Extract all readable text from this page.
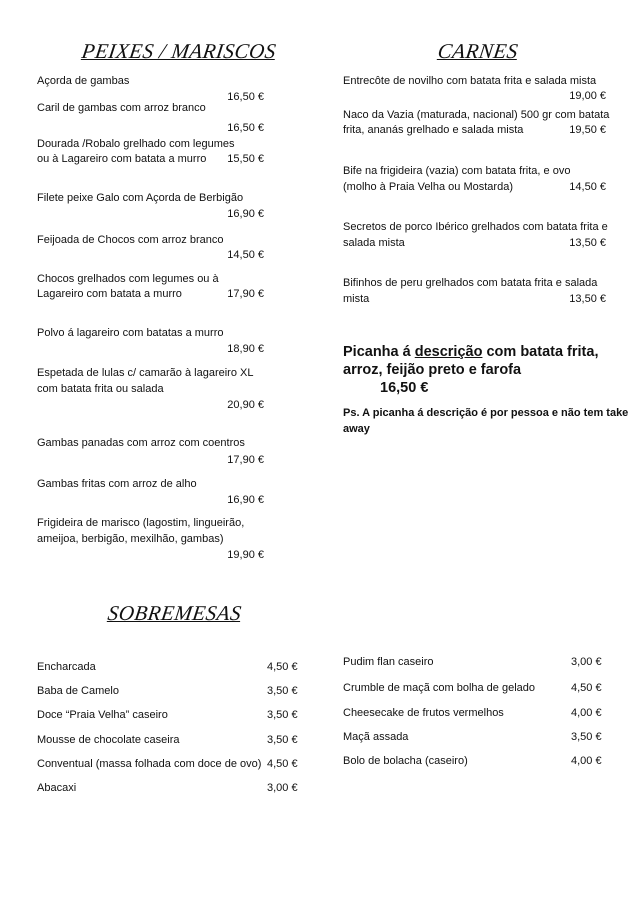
PEIXES / MARISCOS
Açorda de gambas
16,50 €
Caril de gambas com arroz branco
16,50 €
Dourada /Robalo grelhado com legumes
ou à Lagareiro com batata a murro 15,50 €
Filete peixe Galo com Açorda de Berbigão
16,90 €
Feijoada de Chocos com arroz branco
14,50 €
Chocos grelhados com legumes ou à
Lagareiro com batata a murro	17,90 €
Polvo á lagareiro com batatas a murro
18,90 €
Espetada de lulas c/ camarão à lagareiro XL
com batata frita ou salada
20,90 €
Gambas panadas com arroz com coentros
17,90 €
Gambas fritas com arroz de alho
16,90 €
Frigideira de marisco (lagostim, lingueirão,
ameijoa, berbigão, mexilhão, gambas)
19,90 €
CARNES
Entrecôte de novilho com batata frita e salada mista
19,00 €
Naco da Vazia (maturada, nacional) 500 gr com batata
frita, ananás grelhado e salada mista	19,50 €
Bife na frigideira (vazia) com batata frita, e ovo
(molho à Praia Velha ou Mostarda)	14,50 €
Secretos de porco Ibérico grelhados com batata frita e
salada mista	13,50 €
Bifinhos de peru grelhados com batata frita e salada
mista	13,50 €
Picanha á descrição com batata frita,
arroz, feijão preto e farofa
16,50 €
Ps. A picanha á descrição é por pessoa e não tem take
away
SOBREMESAS
Encharcada	4,50 €
Baba de Camelo	3,50 €
Doce “Praia Velha” caseiro	3,50 €
Mousse de chocolate caseira	3,50 €
Conventual (massa folhada com doce de ovo) 4,50 €
Abacaxi	3,00 €
Pudim flan caseiro	3,00 €
Crumble de maçã com bolha de gelado	4,50 €
Cheesecake de frutos vermelhos	4,00 €
Maçã assada	3,50 €
Bolo de bolacha (caseiro)	4,00 €
